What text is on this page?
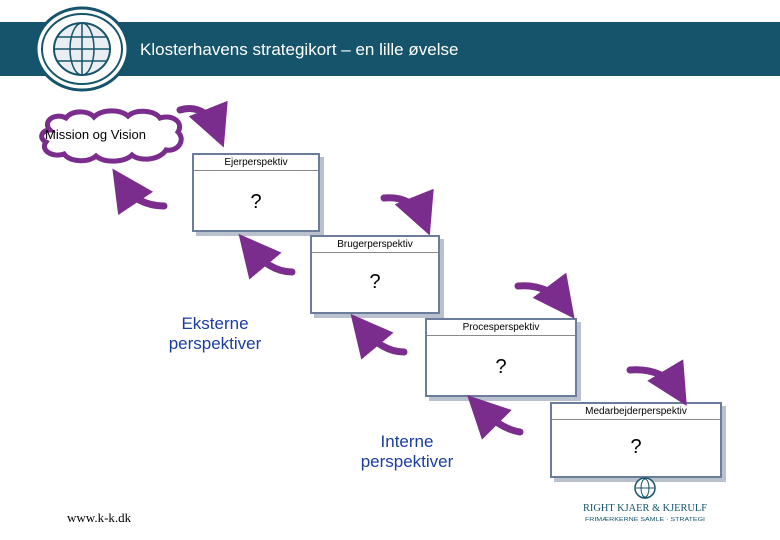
Klosterhavens strategikort – en lille øvelse
Mission og Vision
Ejerperspektiv
?
Brugerperspektiv
?
Procesperspektiv
?
Medarbejderperspektiv
?
Eksterne
perspektiver
Interne
perspektiver
www.k-k.dk
RIGHT KJAER & KJERULF
FRIMÆRKERNE SAMLE · STRATEGI
